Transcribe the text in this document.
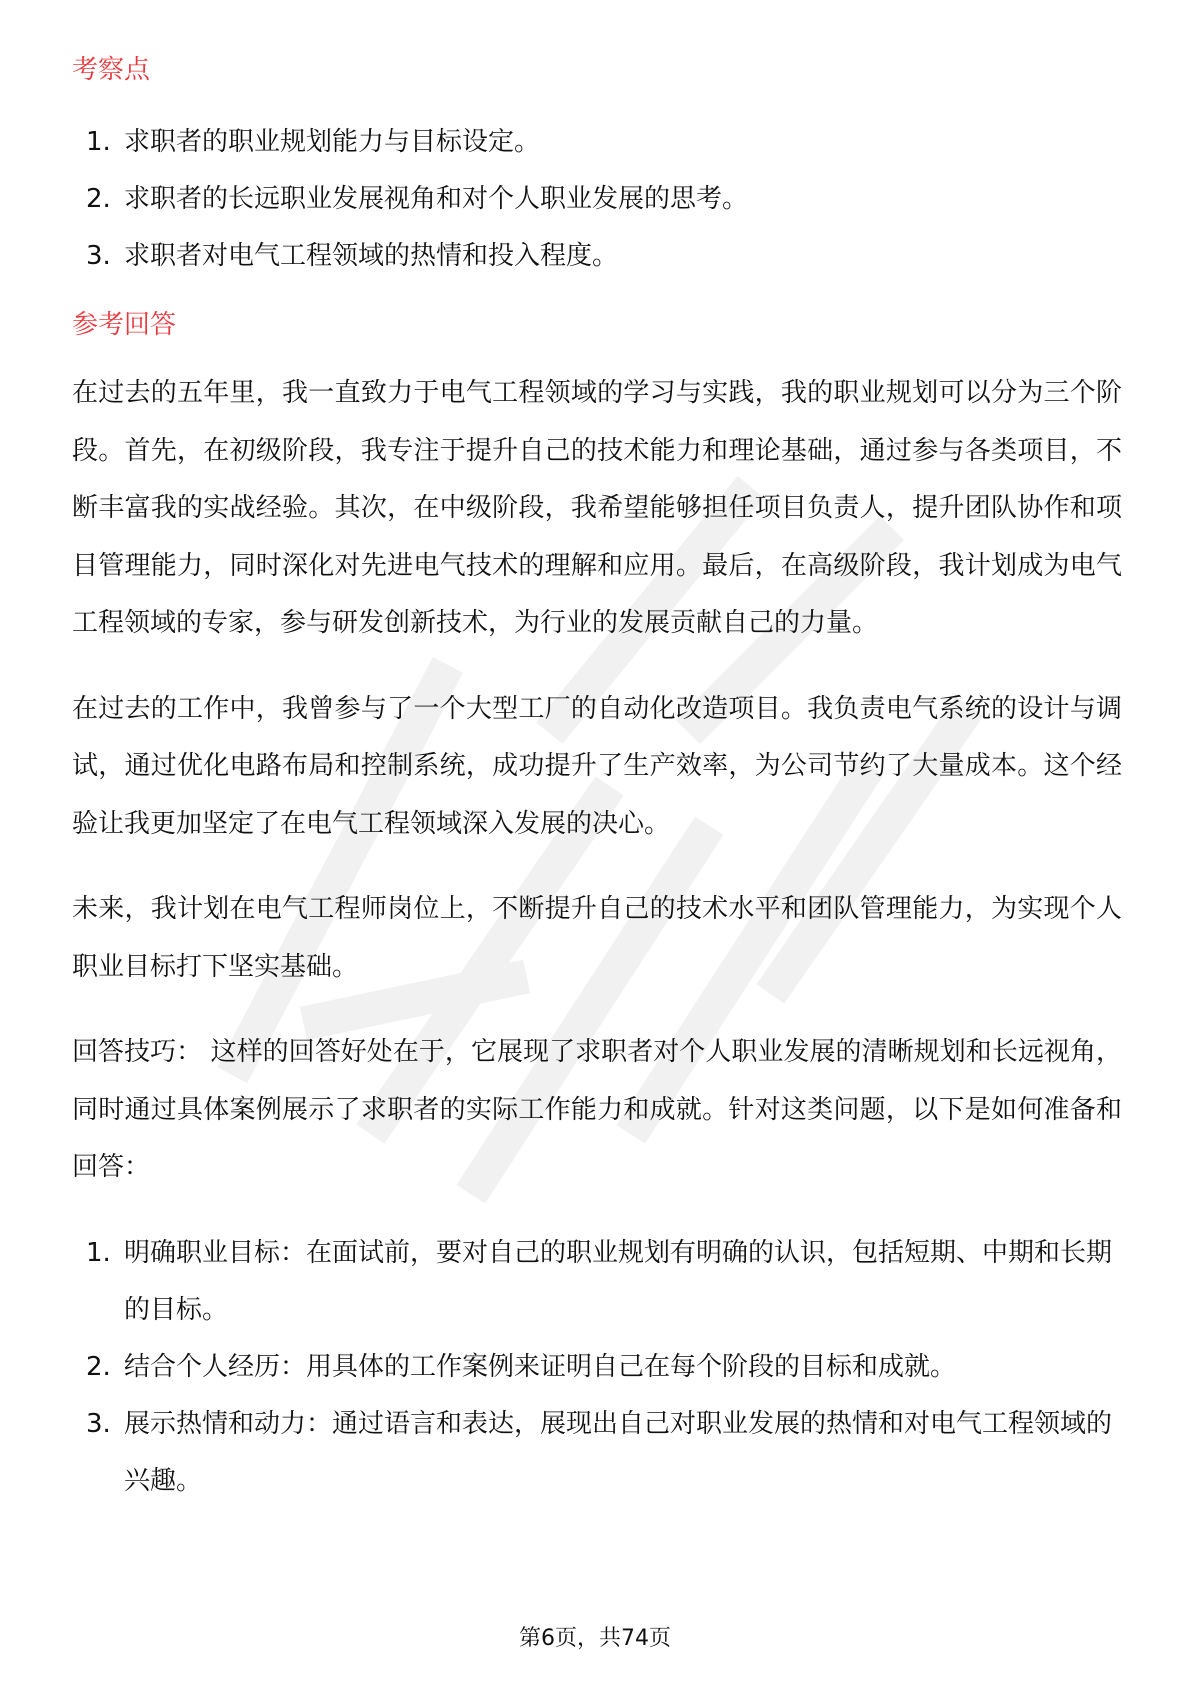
考察点
1. 求职者的职业规划能力与目标设定。
2. 求职者的长远职业发展视角和对个人职业发展的思考。
3. 求职者对电气工程领域的热情和投入程度。
参考回答

在过去的五年里，我一直致力于电气工程领域的学习与实践，我的职业规划可以分为三个阶段。首先，在初级阶段，我专注于提升自己的技术能力和理论基础，通过参与各类项目，不断丰富我的实战经验。其次，在中级阶段，我希望能够担任项目负责人，提升团队协作和项目管理能力，同时深化对先进电气技术的理解和应用。最后，在高级阶段，我计划成为电气工程领域的专家，参与研发创新技术，为行业的发展贡献自己的力量。

在过去的工作中，我曾参与了一个大型工厂的自动化改造项目。我负责电气系统的设计与调试，通过优化电路布局和控制系统，成功提升了生产效率，为公司节约了大量成本。这个经验让我更加坚定了在电气工程领域深入发展的决心。

未来，我计划在电气工程师岗位上，不断提升自己的技术水平和团队管理能力，为实现个人职业目标打下坚实基础。

回答技巧： 这样的回答好处在于，它展现了求职者对个人职业发展的清晰规划和长远视角，同时通过具体案例展示了求职者的实际工作能力和成就。针对这类问题，以下是如何准备和回答：

1. 明确职业目标：在面试前，要对自己的职业规划有明确的认识，包括短期、中期和长期的目标。
2. 结合个人经历：用具体的工作案例来证明自己在每个阶段的目标和成就。
3. 展示热情和动力：通过语言和表达，展现出自己对职业发展的热情和对电气工程领域的兴趣。
第6页，共74页
